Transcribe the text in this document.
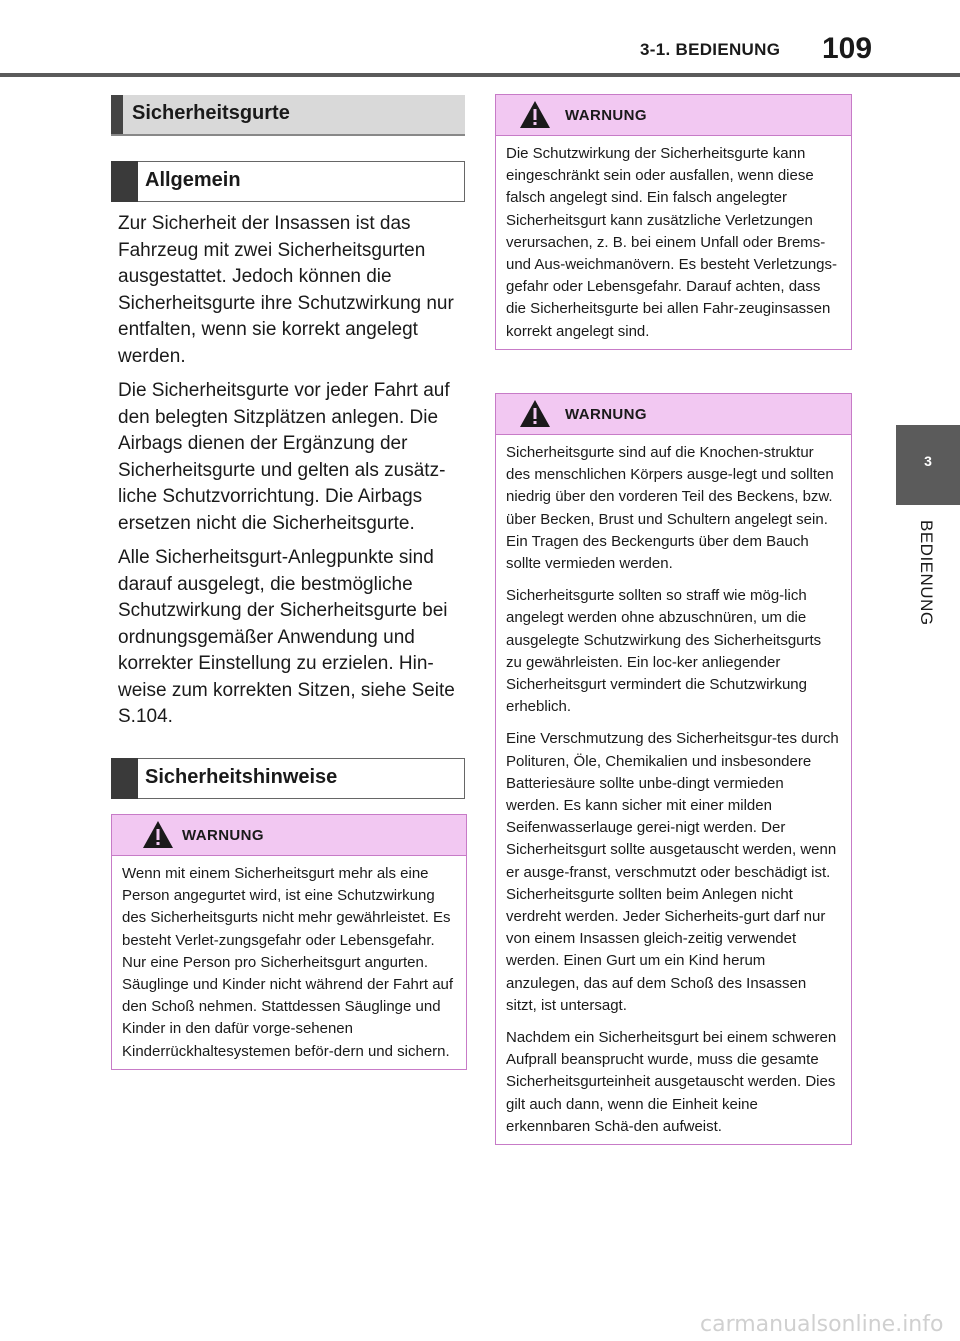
3-1. BEDIENUNG 109
3
BEDIENUNG
Sicherheitsgurte
Allgemein

Zur Sicherheit der Insassen ist das Fahrzeug mit zwei Sicherheitsgurten ausgestattet. Jedoch können die Sicherheitsgurte ihre Schutzwirkung nur entfalten, wenn sie korrekt angelegt werden.

Die Sicherheitsgurte vor jeder Fahrt auf den belegten Sitzplätzen anlegen. Die Airbags dienen der Ergänzung der Sicherheitsgurte und gelten als zusätz-liche Schutzvorrichtung. Die Airbags ersetzen nicht die Sicherheitsgurte.

Alle Sicherheitsgurt-Anlegpunkte sind darauf ausgelegt, die bestmögliche Schutzwirkung der Sicherheitsgurte bei ordnungsgemäßer Anwendung und korrekter Einstellung zu erzielen. Hin-weise zum korrekten Sitzen, siehe Seite S.104.

Sicherheitshinweise
WARNUNG

Wenn mit einem Sicherheitsgurt mehr als eine Person angegurtet wird, ist eine Schutzwirkung des Sicherheitsgurts nicht mehr gewährleistet. Es besteht Verlet-zungsgefahr oder Lebensgefahr. Nur eine Person pro Sicherheitsgurt angurten. Säuglinge und Kinder nicht während der Fahrt auf den Schoß nehmen. Stattdessen Säuglinge und Kinder in den dafür vorge-sehenen Kinderrückhaltesystemen beför-dern und sichern.

WARNUNG

Die Schutzwirkung der Sicherheitsgurte kann eingeschränkt sein oder ausfallen, wenn diese falsch angelegt sind. Ein falsch angelegter Sicherheitsgurt kann zusätzliche Verletzungen verursachen, z. B. bei einem Unfall oder Brems- und Aus-weichmanövern. Es besteht Verletzungs-gefahr oder Lebensgefahr. Darauf achten, dass die Sicherheitsgurte bei allen Fahr-zeuginsassen korrekt angelegt sind.

WARNUNG

Sicherheitsgurte sind auf die Knochen-struktur des menschlichen Körpers ausge-legt und sollten niedrig über den vorderen Teil des Beckens, bzw. über Becken, Brust und Schultern angelegt sein. Ein Tragen des Beckengurts über dem Bauch sollte vermieden werden.

Sicherheitsgurte sollten so straff wie mög-lich angelegt werden ohne abzuschnüren, um die ausgelegte Schutzwirkung des Sicherheitsgurts zu gewährleisten. Ein loc-ker anliegender Sicherheitsgurt vermindert die Schutzwirkung erheblich.

Eine Verschmutzung des Sicherheitsgur-tes durch Polituren, Öle, Chemikalien und insbesondere Batteriesäure sollte unbe-dingt vermieden werden. Es kann sicher mit einer milden Seifenwasserlauge gerei-nigt werden. Der Sicherheitsgurt sollte ausgetauscht werden, wenn er ausge-franst, verschmutzt oder beschädigt ist. Sicherheitsgurte sollten beim Anlegen nicht verdreht werden. Jeder Sicherheits-gurt darf nur von einem Insassen gleich-zeitig verwendet werden. Einen Gurt um ein Kind herum anzulegen, das auf dem Schoß des Insassen sitzt, ist untersagt.

Nachdem ein Sicherheitsgurt bei einem schweren Aufprall beansprucht wurde, muss die gesamte Sicherheitsgurteinheit ausgetauscht werden. Dies gilt auch dann, wenn die Einheit keine erkennbaren Schä-den aufweist.

carmanualsonline.info
